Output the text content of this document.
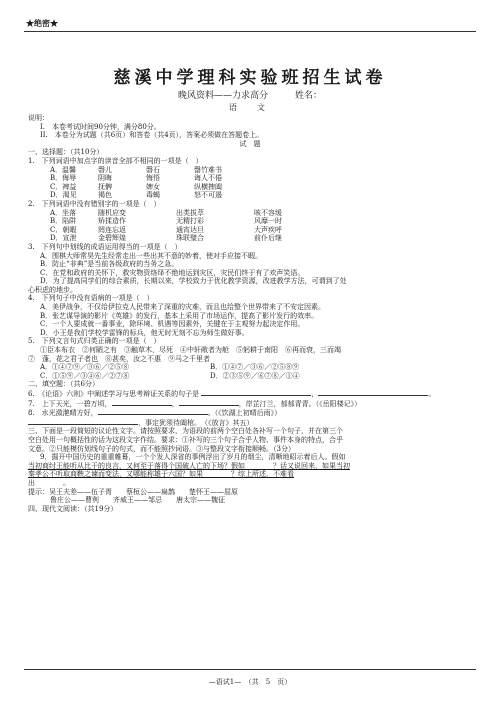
★绝密★
慈溪中学理科实验班招生试卷
晚风资料——力求高分　　　姓名：
语　文
说明：
I.　本卷考试时间90分钟，满分80分。
II.　本卷分为试题（共6页）和答卷（共4页），答案必须做在答题卷上。
试　题
一、选择题：（共10分）
1.　下列词语中加点字的读音全部不相同的一项是（　）
A．温馨	磬儿	磬石	罄竹难书
B．侮辱	阴晦	悔悟	诲人不倦
C．裨益	抚髀	婢女	纵横捭阖
D．渴见	褐色	毒蝎	怒不可遏
2.　下列词语中没有错别字的一项是（　）
A．坐落	随机应变	出类拔萃	咳不容缓
B．陷阱	矫揉造作	无精打彩	风靡一时
C．朝暇	罔连忘返	通宵达旦	大声疾呼
D．宣泄	金碧辉煌	珠联璧合	前仆后继
3.　下列句中划线的成语运用得当的一项是（　）
A．围棋大师常昊先生经常走出一些出其不意的妙着，使对手应接不暇。
B．防止“非典”是当前各级政府的当务之急。
C．在党和政府的关怀下，救灾物资络绎不绝地运到灾区，灾民们终于有了欢声笑语。
D．为了提高同学们的综合素质，长期以来，学校致力于优化教学资源，改进教学方法，可谓到了处
心积虑的地步。
4.　下列句子中没有语病的一项是（　）
A．美伊战争，不仅给伊拉克人民带来了深重的灾难，而且也给整个世界带来了不安定因素。
B．张艺谋导演的影片《英雄》的发行，基本上采用了市场运作，提高了影片发行的效率。
C．一个人要成就一番事业，除环境、机遇等因素外，关键在于主观努力起决定作用。
D．小王是我们学校学雷锋的标兵，他无时无刻不忘为师生做好事。
5.　下列文言句式归类正确的一项是（　）
①臣本布衣　②何陋之有　③触草木，尽死　④中轩敞者为舱　⑤躬耕于南阳　⑥再而衰，三而竭
⑦　蓬，花之君子者也　⑧甚矣，汝之不惠　⑨马之千里者
A．①④⑦⑨／③⑥／②⑤⑧	B．①④⑦／③⑥／②⑤⑧⑨
C．①⑤⑨／③④⑥／②⑦⑧	D．②③⑤⑨／⑥⑦⑧／①④
二、填空题：（共6分）
6.　《论语》六则》中阐述学习与思考辩证关系的句子是	，	。
7.　上下天光，一碧万顷，	，	，岸芷汀兰，郁郁青青。（《岳阳楼记》）
8.　水光潋滟晴方好，	。（《饮湖上初晴后雨》）
，事定犹须待阖棺。　（《放言》其五）
三、下面是一段简短的议论性文字。请按照要求，为语段的前两个空白处各补写一个句子，并在第三个
空白处用一句概括性的话为这段文字作结。要求：①补写的三个句子合乎人物、事件本身的特点，合乎
文意。②只能模仿划线句子的句式，而不能照抄词语。③与整段文字衔接顺畅。（3分）
9．掘开中国历史的重重帷幕，一个个发人深省的事例浮出了岁月的烟尘，清晰地昭示着后人。假如
当初商纣王能听从比干的良言，又何至于落得个国破人亡的下场？假如　　　　？话又说回来，如果当初
秦孝公不听取商鞅之谏而变法，又哪能称雄于六国？如果　　　　？综上所述，不难看
出　　　　。
提示：吴王夫差——伍子胥　　蔡桓公——扁鹊　　楚怀王——屈原
鲁庄公——曹刿　　齐威王——邹忌　　唐太宗——魏征
四、现代文阅读：（共19分）
—语试1—　（共　5　页）
